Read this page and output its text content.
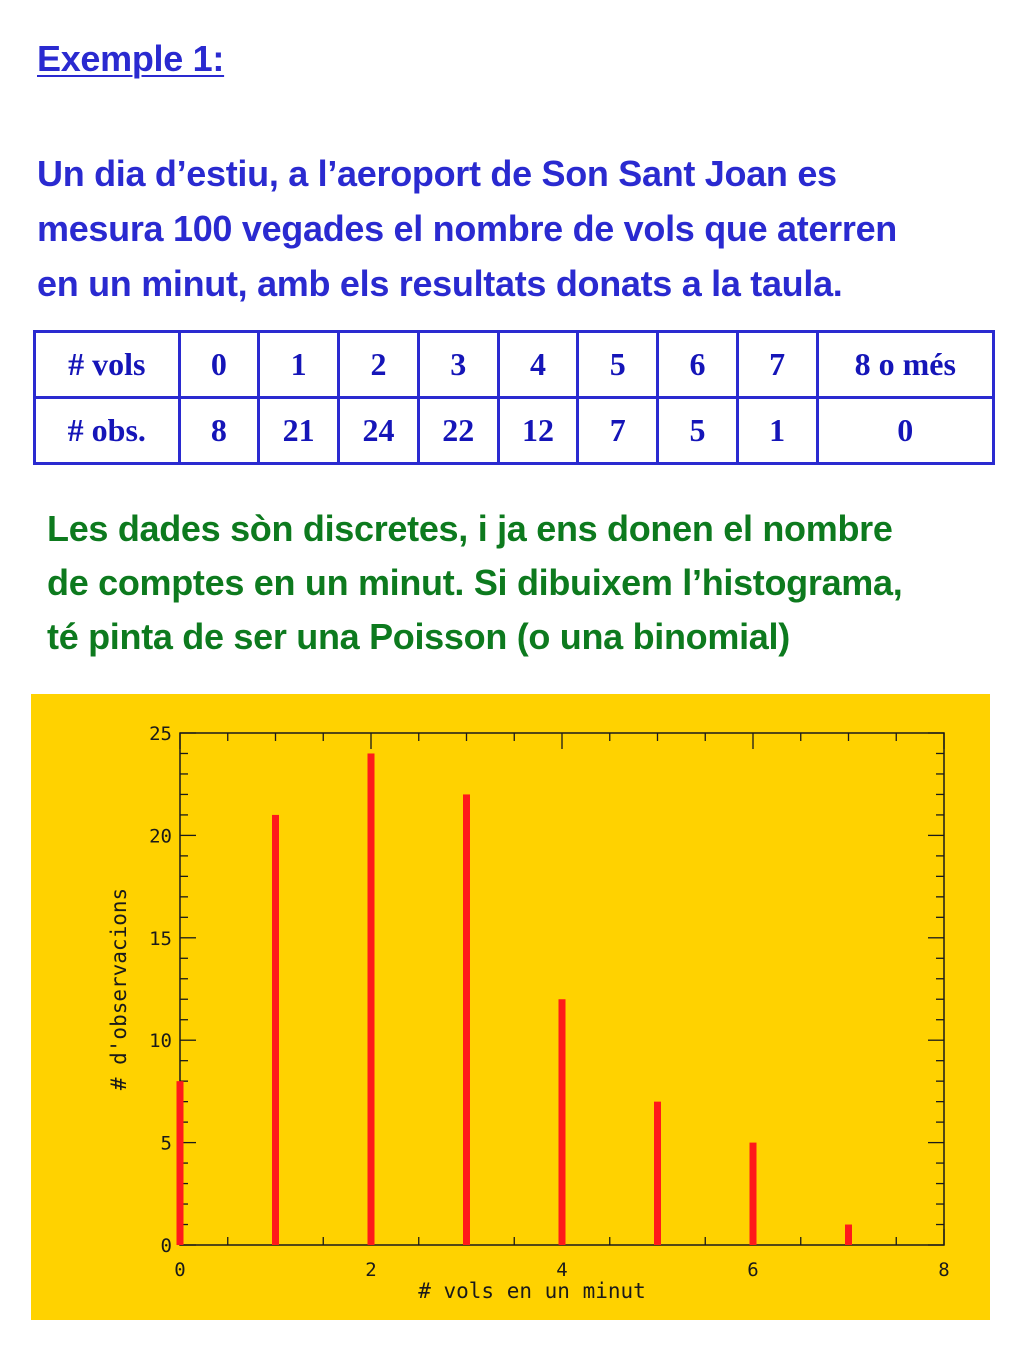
Exemple 1:
Un dia d’estiu, a l’aeroport de Son Sant Joan es
mesura 100 vegades el nombre de vols que aterren
en un minut, amb els resultats donats a la taula.
# vols	0	1	2	3	4	5	6	7	8 o més
# obs.	8	21	24	22	12	7	5	1	0
Les dades sòn discretes, i ja ens donen el nombre
de comptes en un minut. Si dibuixem l’histograma,
té pinta de ser una Poisson (o una binomial)
0
5
10
15
20
25
0	2	4	6	8
# vols en un minut
# d'observacions
